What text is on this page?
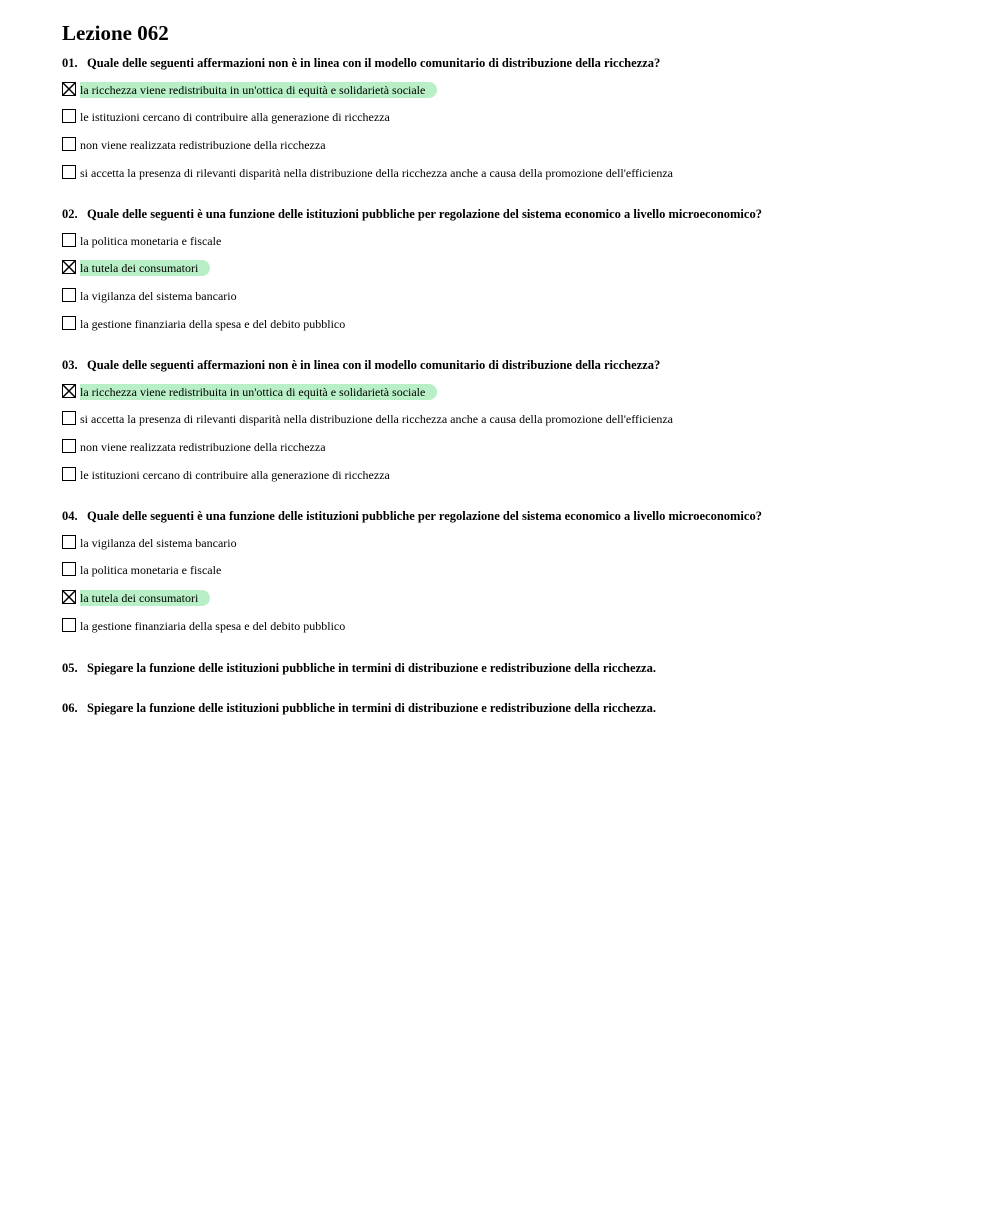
Lezione 062
01. Quale delle seguenti affermazioni non è in linea con il modello comunitario di distribuzione della ricchezza?
la ricchezza viene redistribuita in un'ottica di equità e solidarietà sociale
le istituzioni cercano di contribuire alla generazione di ricchezza
non viene realizzata redistribuzione della ricchezza
si accetta la presenza di rilevanti disparità nella distribuzione della ricchezza anche a causa della promozione dell'efficienza
02. Quale delle seguenti è una funzione delle istituzioni pubbliche per regolazione del sistema economico a livello microeconomico?
la politica monetaria e fiscale
la tutela dei consumatori
la vigilanza del sistema bancario
la gestione finanziaria della spesa e del debito pubblico
03. Quale delle seguenti affermazioni non è in linea con il modello comunitario di distribuzione della ricchezza?
la ricchezza viene redistribuita in un'ottica di equità e solidarietà sociale
si accetta la presenza di rilevanti disparità nella distribuzione della ricchezza anche a causa della promozione dell'efficienza
non viene realizzata redistribuzione della ricchezza
le istituzioni cercano di contribuire alla generazione di ricchezza
04. Quale delle seguenti è una funzione delle istituzioni pubbliche per regolazione del sistema economico a livello microeconomico?
la vigilanza del sistema bancario
la politica monetaria e fiscale
la tutela dei consumatori
la gestione finanziaria della spesa e del debito pubblico
05. Spiegare la funzione delle istituzioni pubbliche in termini di distribuzione e redistribuzione della ricchezza.
06. Spiegare la funzione delle istituzioni pubbliche in termini di distribuzione e redistribuzione della ricchezza.
